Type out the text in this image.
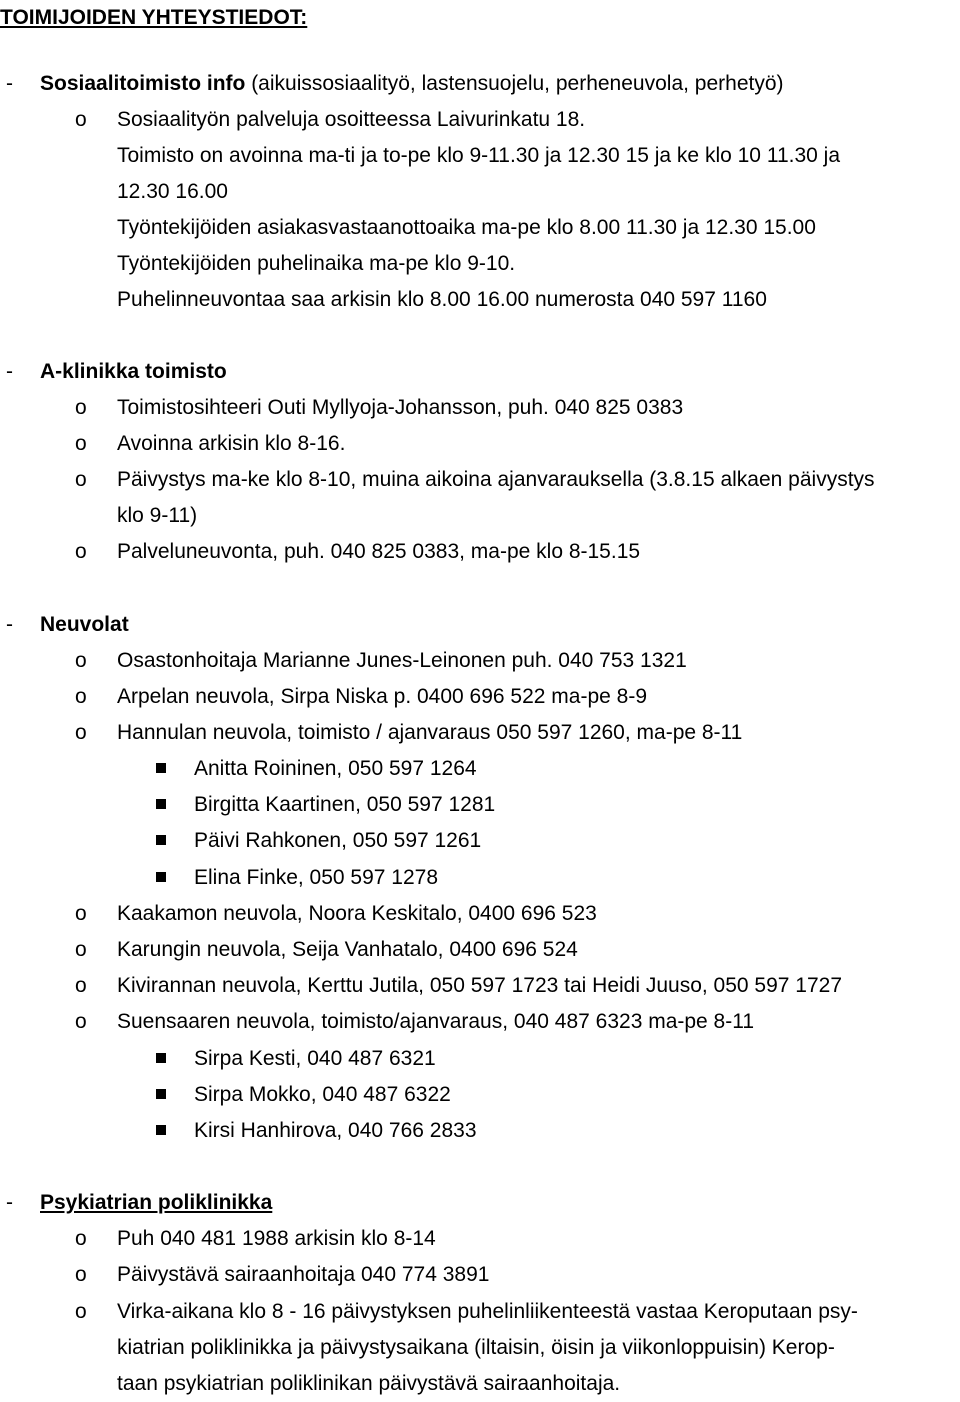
TOIMIJOIDEN YHTEYSTIEDOT:
- Sosiaalitoimisto info (aikuissosiaalityö, lastensuojelu, perheneuvola, perhetyö)
o Sosiaalityön palveluja osoitteessa Laivurinkatu 18.
Toimisto on avoinna ma-ti ja to-pe klo 9-11.30 ja 12.30 15 ja ke klo 10 11.30 ja
12.30 16.00
Työntekijöiden asiakasvastaanottoaika ma-pe klo 8.00 11.30 ja 12.30 15.00
Työntekijöiden puhelinaika ma-pe klo 9-10.
Puhelinneuvontaa saa arkisin klo 8.00 16.00 numerosta 040 597 1160
- A-klinikka toimisto
o Toimistosihteeri Outi Myllyoja-Johansson, puh. 040 825 0383
o Avoinna arkisin klo 8-16.
o Päivystys ma-ke klo 8-10, muina aikoina ajanvarauksella (3.8.15 alkaen päivystys
klo 9-11)
o Palveluneuvonta, puh. 040 825 0383, ma-pe klo 8-15.15
- Neuvolat
o Osastonhoitaja Marianne Junes-Leinonen puh. 040 753 1321
o Arpelan neuvola, Sirpa Niska p. 0400 696 522 ma-pe 8-9
o Hannulan neuvola, toimisto / ajanvaraus 050 597 1260, ma-pe 8-11
Anitta Roininen, 050 597 1264
Birgitta Kaartinen, 050 597 1281
Päivi Rahkonen, 050 597 1261
Elina Finke, 050 597 1278
o Kaakamon neuvola, Noora Keskitalo, 0400 696 523
o Karungin neuvola, Seija Vanhatalo, 0400 696 524
o Kivirannan neuvola, Kerttu Jutila, 050 597 1723 tai Heidi Juuso, 050 597 1727
o Suensaaren neuvola, toimisto/ajanvaraus, 040 487 6323 ma-pe 8-11
Sirpa Kesti, 040 487 6321
Sirpa Mokko, 040 487 6322
Kirsi Hanhirova, 040 766 2833
- Psykiatrian poliklinikka
o Puh 040 481 1988 arkisin klo 8-14
o Päivystävä sairaanhoitaja 040 774 3891
o Virka-aikana klo 8 - 16 päivystyksen puhelinliikenteestä vastaa Keroputaan psy-
kiatrian poliklinikka ja päivystysaikana (iltaisin, öisin ja viikonloppuisin) Kerop-
taan psykiatrian poliklinikan päivystävä sairaanhoitaja.
